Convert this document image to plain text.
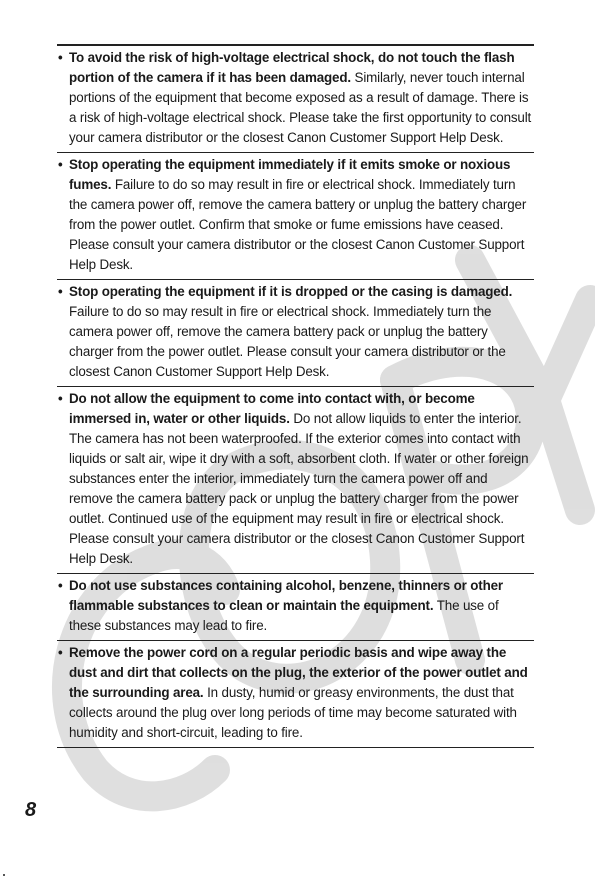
• To avoid the risk of high-voltage electrical shock, do not touch the flash portion of the camera if it has been damaged. Similarly, never touch internal portions of the equipment that become exposed as a result of damage. There is a risk of high-voltage electrical shock. Please take the first opportunity to consult your camera distributor or the closest Canon Customer Support Help Desk.
• Stop operating the equipment immediately if it emits smoke or noxious fumes. Failure to do so may result in fire or electrical shock. Immediately turn the camera power off, remove the camera battery or unplug the battery charger from the power outlet. Confirm that smoke or fume emissions have ceased. Please consult your camera distributor or the closest Canon Customer Support Help Desk.
• Stop operating the equipment if it is dropped or the casing is damaged. Failure to do so may result in fire or electrical shock. Immediately turn the camera power off, remove the camera battery pack or unplug the battery charger from the power outlet. Please consult your camera distributor or the closest Canon Customer Support Help Desk.
• Do not allow the equipment to come into contact with, or become immersed in, water or other liquids. Do not allow liquids to enter the interior. The camera has not been waterproofed. If the exterior comes into contact with liquids or salt air, wipe it dry with a soft, absorbent cloth. If water or other foreign substances enter the interior, immediately turn the camera power off and remove the camera battery pack or unplug the battery charger from the power outlet. Continued use of the equipment may result in fire or electrical shock. Please consult your camera distributor or the closest Canon Customer Support Help Desk.
• Do not use substances containing alcohol, benzene, thinners or other flammable substances to clean or maintain the equipment. The use of these substances may lead to fire.
• Remove the power cord on a regular periodic basis and wipe away the dust and dirt that collects on the plug, the exterior of the power outlet and the surrounding area. In dusty, humid or greasy environments, the dust that collects around the plug over long periods of time may become saturated with humidity and short-circuit, leading to fire.
8
